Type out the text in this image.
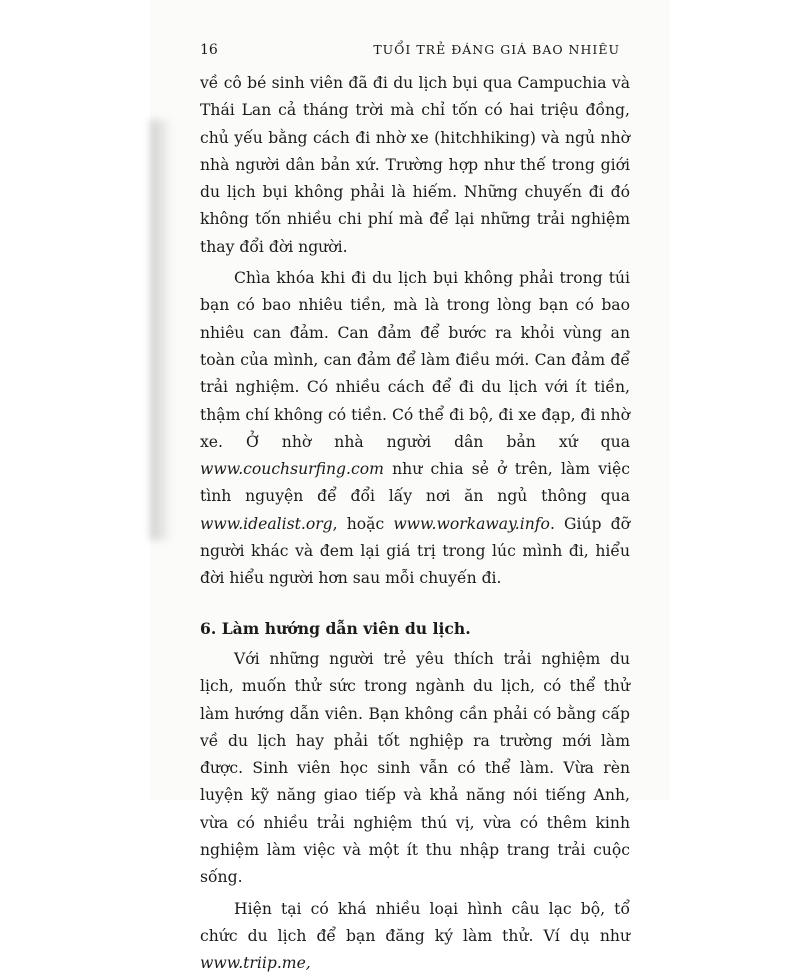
16	TUỔI TRẺ ĐÁNG GIÁ BAO NHIÊU

về cô bé sinh viên đã đi du lịch bụi qua Campuchia và Thái Lan cả tháng trời mà chỉ tốn có hai triệu đồng, chủ yếu bằng cách đi nhờ xe (hitchhiking) và ngủ nhờ nhà người dân bản xứ. Trường hợp như thế trong giới du lịch bụi không phải là hiếm. Những chuyến đi đó không tốn nhiều chi phí mà để lại những trải nghiệm thay đổi đời người.

Chìa khóa khi đi du lịch bụi không phải trong túi bạn có bao nhiêu tiền, mà là trong lòng bạn có bao nhiêu can đảm. Can đảm để bước ra khỏi vùng an toàn của mình, can đảm để làm điều mới. Can đảm để trải nghiệm. Có nhiều cách để đi du lịch với ít tiền, thậm chí không có tiền. Có thể đi bộ, đi xe đạp, đi nhờ xe. Ở nhờ nhà người dân bản xứ qua www.couchsurfing.com như chia sẻ ở trên, làm việc tình nguyện để đổi lấy nơi ăn ngủ thông qua www.idealist.org, hoặc www.workaway.info. Giúp đỡ người khác và đem lại giá trị trong lúc mình đi, hiểu đời hiểu người hơn sau mỗi chuyến đi.

6. Làm hướng dẫn viên du lịch.

Với những người trẻ yêu thích trải nghiệm du lịch, muốn thử sức trong ngành du lịch, có thể thử làm hướng dẫn viên. Bạn không cần phải có bằng cấp về du lịch hay phải tốt nghiệp ra trường mới làm được. Sinh viên học sinh vẫn có thể làm. Vừa rèn luyện kỹ năng giao tiếp và khả năng nói tiếng Anh, vừa có nhiều trải nghiệm thú vị, vừa có thêm kinh nghiệm làm việc và một ít thu nhập trang trải cuộc sống.

Hiện tại có khá nhiều loại hình câu lạc bộ, tổ chức du lịch để bạn đăng ký làm thử. Ví dụ như www.triip.me,
